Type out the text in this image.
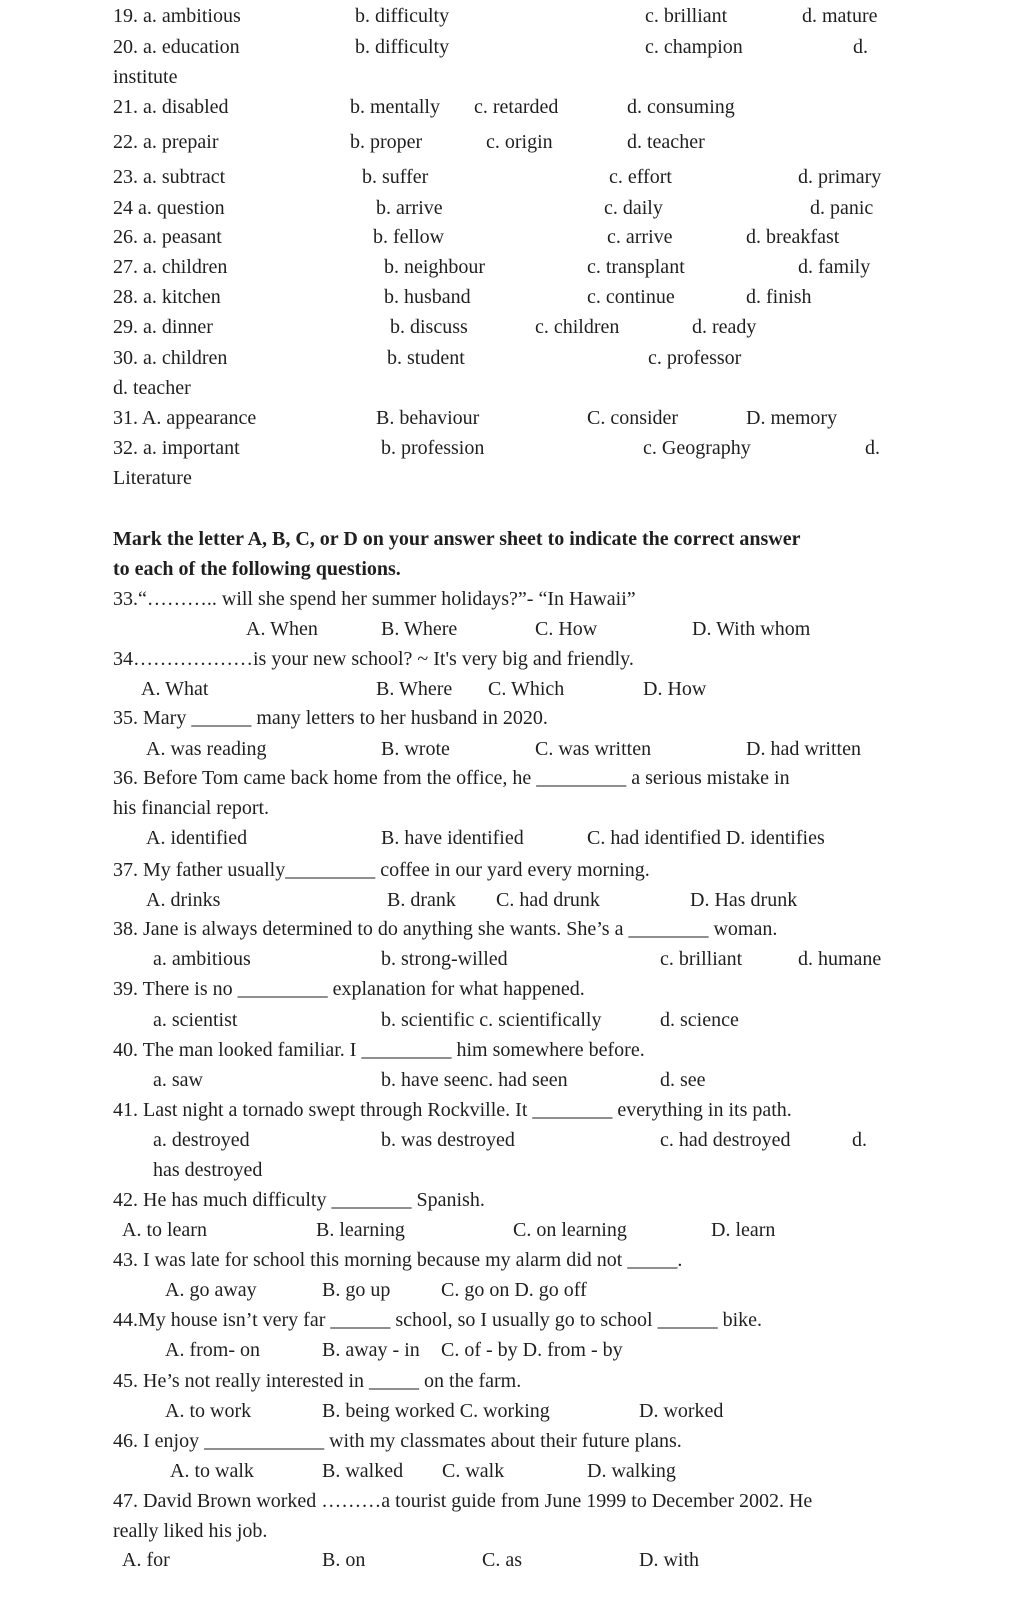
19. a. ambitious	b. difficulty	c. brilliant	d. mature
20. a. education	b. difficulty	c. champion	d.
institute
21. a. disabled	b. mentally c. retarded	d. consuming
22. a. prepair	b. proper	c. origin	d. teacher
23. a. subtract	b. suffer	c. effort	d. primary
24 a. question	b. arrive	c. daily	d. panic
26. a. peasant	b. fellow	c. arrive	d. breakfast
27. a. children	b. neighbour	c. transplant	d. family
28. a. kitchen	b. husband	c. continue	d. finish
29. a. dinner	b. discuss	c. children	d. ready
30. a. children	b. student	c. professor
d. teacher
31. A. appearance	B. behaviour	C. consider	D. memory
32. a. important	b. profession	c. Geography	d.
Literature
Mark the letter A, B, C, or D on your answer sheet to indicate the correct answer
to each of the following questions.
33.“……….. will she spend her summer holidays?”- “In Hawaii”
A. When	B. Where	C. How	D. With whom
34………………is your new school? ~ It's very big and friendly.
A. What	B. Where C. Which	D. How
35. Mary ______ many letters to her husband in 2020.
A. was reading	B. wrote	C. was written	D. had written
36. Before Tom came back home from the office, he _________ a serious mistake in
his financial report.
A. identified	B. have identified	C. had identified D. identifies
37. My father usually_________ coffee in our yard every morning.
A. drinks	B. drank C. had drunk	D. Has drunk
38. Jane is always determined to do anything she wants. She’s a ________ woman.
a. ambitious	b. strong-willed	c. brilliant	d. humane
39. There is no _________ explanation for what happened.
a. scientist	b. scientific c. scientifically	d. science
40. The man looked familiar. I _________ him somewhere before.
a. saw	b. have seenc. had seen	d. see
41. Last night a tornado swept through Rockville. It ________ everything in its path.
a. destroyed	b. was destroyed	c. had destroyed	d.
has destroyed
42. He has much difficulty ________ Spanish.
A. to learn	B. learning	C. on learning	D. learn
43. I was late for school this morning because my alarm did not _____.
A. go away	B. go up	C. go on D. go off
44.My house isn’t very far ______ school, so I usually go to school ______ bike.
A. from- on	B. away - in C. of - by D. from - by
45. He’s not really interested in _____ on the farm.
A. to work	B. being worked C. working	D. worked
46. I enjoy ____________ with my classmates about their future plans.
A. to walk	B. walked C. walk	D. walking
47. David Brown worked ………a tourist guide from June 1999 to December 2002. He
really liked his job.
A. for	B. on	C. as	D. with
